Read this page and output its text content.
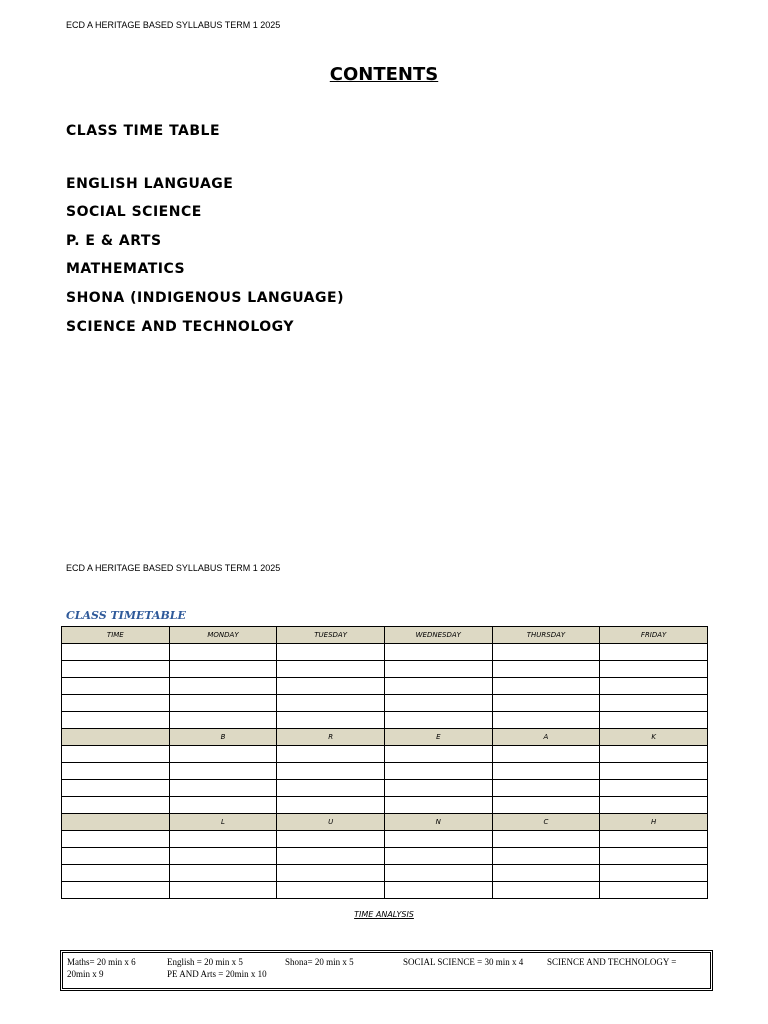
ECD A HERITAGE BASED SYLLABUS TERM 1 2025
CONTENTS
CLASS TIME TABLE
ENGLISH LANGUAGE
SOCIAL SCIENCE
P. E & ARTS
MATHEMATICS
SHONA (INDIGENOUS LANGUAGE)
SCIENCE AND TECHNOLOGY
ECD A HERITAGE BASED SYLLABUS TERM 1 2025
CLASS TIMETABLE
TIME	MONDAY	TUESDAY	WEDNESDAY	THURSDAY	FRIDAY

	B	R	E	A	K

	L	U	N	C	H

TIME ANALYSIS
Maths= 20 min x 6	English = 20 min x 5	Shona= 20 min x 5	SOCIAL SCIENCE = 30 min x 4	SCIENCE AND TECHNOLOGY =
20min x 9	PE AND Arts = 20min x 10
